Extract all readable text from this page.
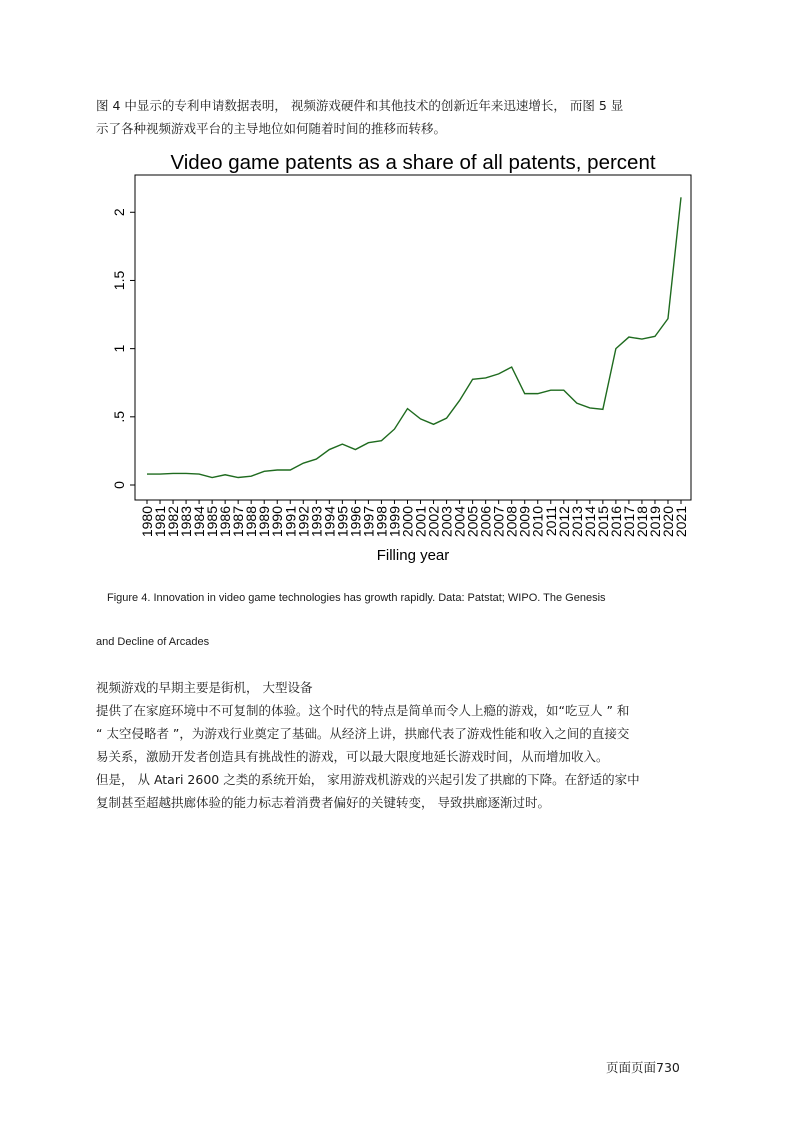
图 4 中显示的专利申请数据表明， 视频游戏硬件和其他技术的创新近年来迅速增长， 而图 5 显

示了各种视频游戏平台的主导地位如何随着时间的推移而转移。

Video game patents as a share of all patents, percent
0
.5
1
1.5
2
1980
1981
1982
1983
1984
1985
1986
1987
1988
1989
1990
1991
1992
1993
1994
1995
1996
1997
1998
1999
2000
2001
2002
2003
2004
2005
2006
2007
2008
2009
2010
2011
2012
2013
2014
2015
2016
2017
2018
2019
2020
2021
Filling year
Figure 4. Innovation in video game technologies has growth rapidly. Data: Patstat; WIPO. The Genesis
and Decline of Arcades

视频游戏的早期主要是街机， 大型设备

提供了在家庭环境中不可复制的体验。这个时代的特点是简单而令人上瘾的游戏，如“吃豆人 ” 和

“ 太空侵略者 ”，为游戏行业奠定了基础。从经济上讲，拱廊代表了游戏性能和收入之间的直接交

易关系，激励开发者创造具有挑战性的游戏，可以最大限度地延长游戏时间，从而增加收入。

但是， 从 Atari 2600 之类的系统开始， 家用游戏机游戏的兴起引发了拱廊的下降。在舒适的家中

复制甚至超越拱廊体验的能力标志着消费者偏好的关键转变， 导致拱廊逐渐过时。

页面页面730
